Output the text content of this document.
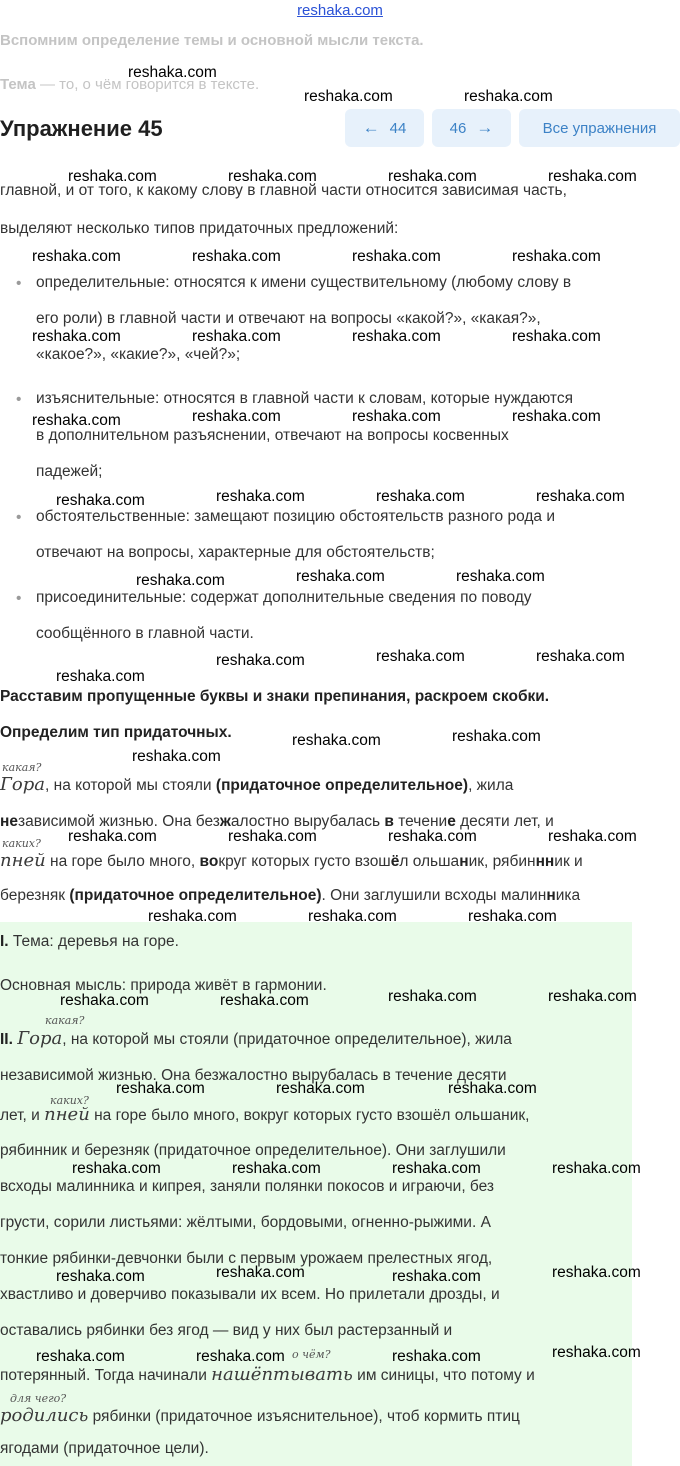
reshaka.com
Вспомним определение темы и основной мысли текста.
Тема — то, о чём говорится в тексте.
Упражнение 45	← 44	46 →	Все упражнения
главной, и от того, к какому слову в главной части относится зависимая часть,
выделяют несколько типов придаточных предложений:
• определительные: относятся к имени существительному (любому слову в
его роли) в главной части и отвечают на вопросы «какой?», «какая?»,
«какое?», «какие?», «чей?»;
• изъяснительные: относятся в главной части к словам, которые нуждаются
в дополнительном разъяснении, отвечают на вопросы косвенных
падежей;
• обстоятельственные: замещают позицию обстоятельств разного рода и
отвечают на вопросы, характерные для обстоятельств;
• присоединительные: содержат дополнительные сведения по поводу
сообщённого в главной части.
Расставим пропущенные буквы и знаки препинания, раскроем скобки.
Определим тип придаточных.
какая?
Гора, на которой мы стояли (придаточное определительное), жила
независимой жизнью. Она безжалостно вырубалась в течение десяти лет, и
каких?
пней на горе было много, вокруг которых густо взошёл ольшаник, рябиннник и
березняк (придаточное определительное). Они заглушили всходы малинника
I. Тема: деревья на горе.
Основная мысль: природа живёт в гармонии.
какая?
II. Гора, на которой мы стояли (придаточное определительное), жила
независимой жизнью. Она безжалостно вырубалась в течение десяти
каких?
лет, и пней на горе было много, вокруг которых густо взошёл ольшаник,
рябинник и березняк (придаточное определительное). Они заглушили
всходы малинника и кипрея, заняли полянки покосов и играючи, без
грусти, сорили листьями: жёлтыми, бордовыми, огненно-рыжими. А
тонкие рябинки-девчонки были с первым урожаем прелестных ягод,
хвастливо и доверчиво показывали их всем. Но прилетали дрозды, и
оставались рябинки без ягод — вид у них был растерзанный и
о чём?
потерянный. Тогда начинали нашёптывать им синицы, что потому и
для чего?
родились рябинки (придаточное изъяснительное), чтоб кормить птиц
ягодами (придаточное цели).
reshaka.com
reshaka.com	reshaka.com
reshaka.com	reshaka.com	reshaka.com	reshaka.com
reshaka.com	reshaka.com	reshaka.com	reshaka.com
reshaka.com	reshaka.com	reshaka.com	reshaka.com
reshaka.com	reshaka.com	reshaka.com	reshaka.com
reshaka.com	reshaka.com	reshaka.com	reshaka.com
reshaka.com	reshaka.com	reshaka.com
reshaka.com
reshaka.com	reshaka.com	reshaka.com
reshaka.com
reshaka.com	reshaka.com
reshaka.com	reshaka.com	reshaka.com	reshaka.com
reshaka.com	reshaka.com	reshaka.com
reshaka.com	reshaka.com	reshaka.com	reshaka.com
reshaka.com	reshaka.com	reshaka.com
reshaka.com	reshaka.com	reshaka.com	reshaka.com
reshaka.com	reshaka.com	reshaka.com	reshaka.com
reshaka.com	reshaka.com	reshaka.com	reshaka.com
